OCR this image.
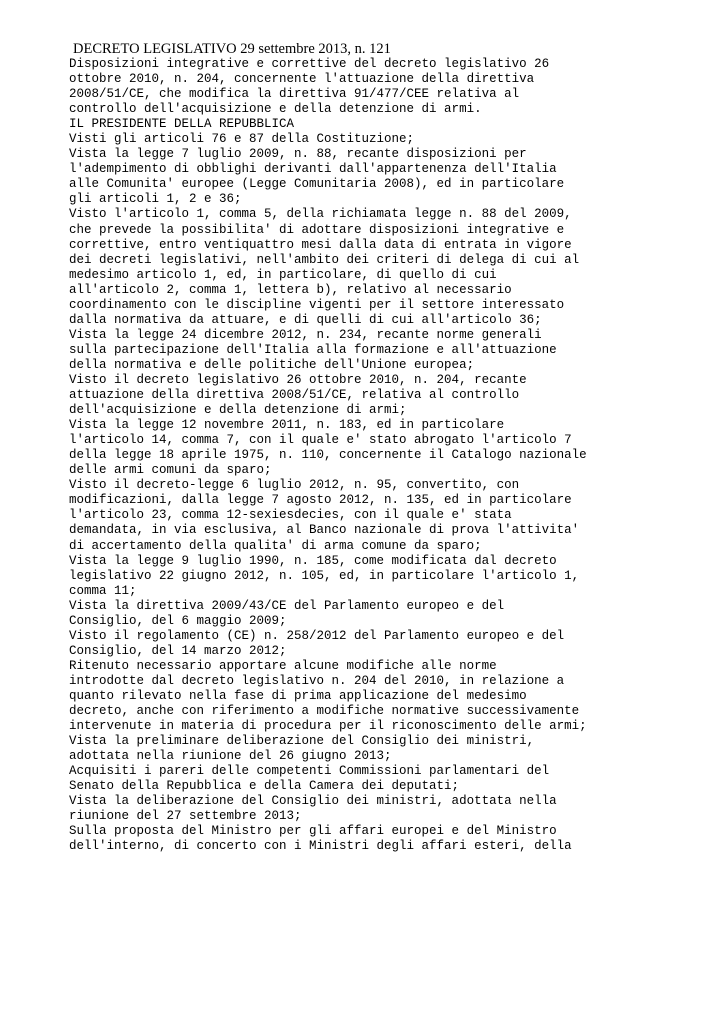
DECRETO LEGISLATIVO 29 settembre 2013, n. 121
Disposizioni integrative e correttive del decreto legislativo 26
ottobre 2010, n. 204, concernente l'attuazione della direttiva
2008/51/CE, che modifica la direttiva 91/477/CEE relativa al
controllo dell'acquisizione e della detenzione di armi.
IL PRESIDENTE DELLA REPUBBLICA
Visti gli articoli 76 e 87 della Costituzione;
Vista la legge 7 luglio 2009, n. 88, recante disposizioni per
l'adempimento di obblighi derivanti dall'appartenenza dell'Italia
alle Comunita' europee (Legge Comunitaria 2008), ed in particolare
gli articoli 1, 2 e 36;
Visto l'articolo 1, comma 5, della richiamata legge n. 88 del 2009,
che prevede la possibilita' di adottare disposizioni integrative e
correttive, entro ventiquattro mesi dalla data di entrata in vigore
dei decreti legislativi, nell'ambito dei criteri di delega di cui al
medesimo articolo 1, ed, in particolare, di quello di cui
all'articolo 2, comma 1, lettera b), relativo al necessario
coordinamento con le discipline vigenti per il settore interessato
dalla normativa da attuare, e di quelli di cui all'articolo 36;
Vista la legge 24 dicembre 2012, n. 234, recante norme generali
sulla partecipazione dell'Italia alla formazione e all'attuazione
della normativa e delle politiche dell'Unione europea;
Visto il decreto legislativo 26 ottobre 2010, n. 204, recante
attuazione della direttiva 2008/51/CE, relativa al controllo
dell'acquisizione e della detenzione di armi;
Vista la legge 12 novembre 2011, n. 183, ed in particolare
l'articolo 14, comma 7, con il quale e' stato abrogato l'articolo 7
della legge 18 aprile 1975, n. 110, concernente il Catalogo nazionale
delle armi comuni da sparo;
Visto il decreto-legge 6 luglio 2012, n. 95, convertito, con
modificazioni, dalla legge 7 agosto 2012, n. 135, ed in particolare
l'articolo 23, comma 12-sexiesdecies, con il quale e' stata
demandata, in via esclusiva, al Banco nazionale di prova l'attivita'
di accertamento della qualita' di arma comune da sparo;
Vista la legge 9 luglio 1990, n. 185, come modificata dal decreto
legislativo 22 giugno 2012, n. 105, ed, in particolare l'articolo 1,
comma 11;
Vista la direttiva 2009/43/CE del Parlamento europeo e del
Consiglio, del 6 maggio 2009;
Visto il regolamento (CE) n. 258/2012 del Parlamento europeo e del
Consiglio, del 14 marzo 2012;
Ritenuto necessario apportare alcune modifiche alle norme
introdotte dal decreto legislativo n. 204 del 2010, in relazione a
quanto rilevato nella fase di prima applicazione del medesimo
decreto, anche con riferimento a modifiche normative successivamente
intervenute in materia di procedura per il riconoscimento delle armi;
Vista la preliminare deliberazione del Consiglio dei ministri,
adottata nella riunione del 26 giugno 2013;
Acquisiti i pareri delle competenti Commissioni parlamentari del
Senato della Repubblica e della Camera dei deputati;
Vista la deliberazione del Consiglio dei ministri, adottata nella
riunione del 27 settembre 2013;
Sulla proposta del Ministro per gli affari europei e del Ministro
dell'interno, di concerto con i Ministri degli affari esteri, della
